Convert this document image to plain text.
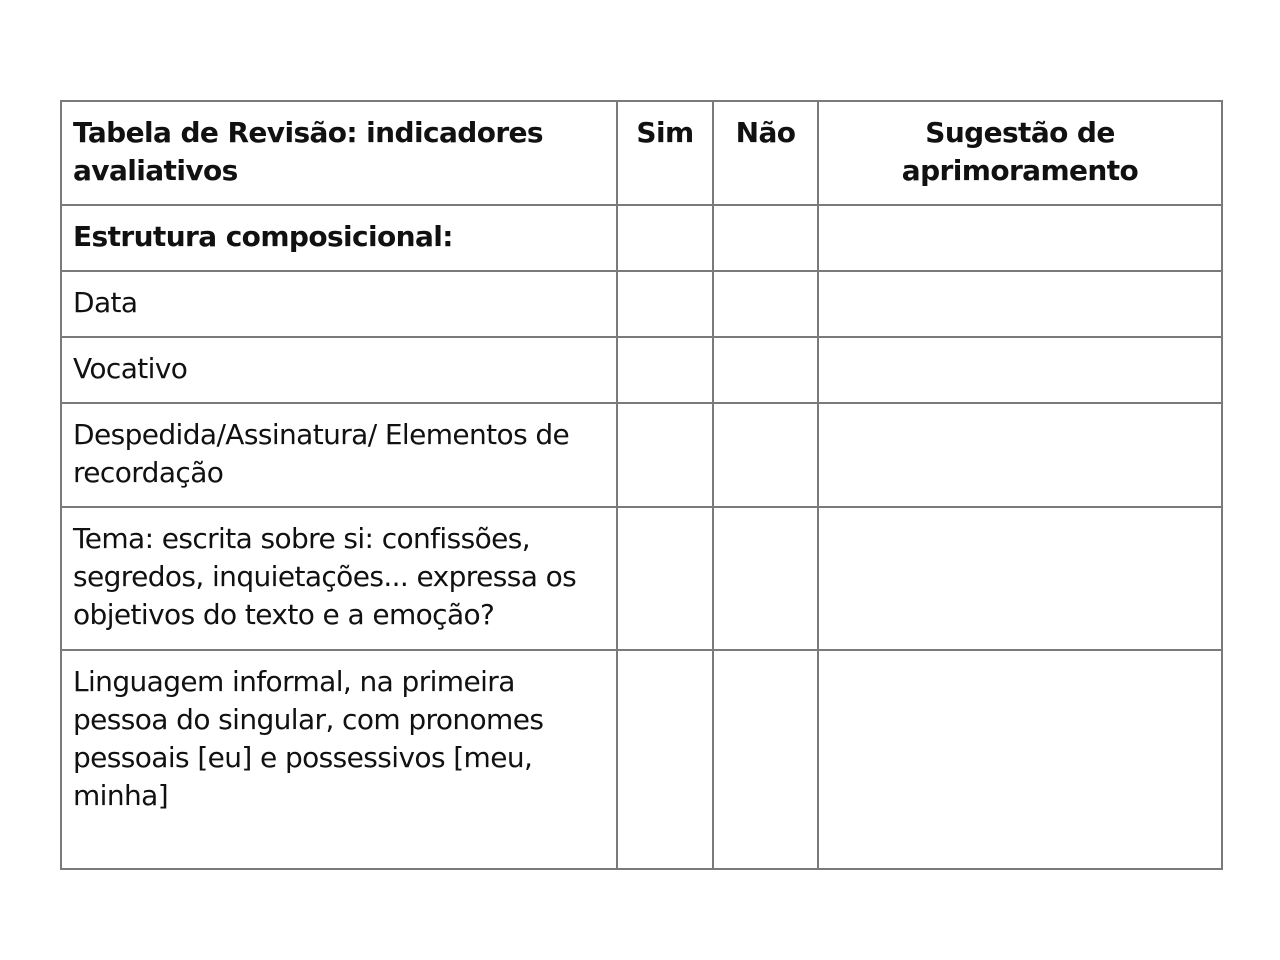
Tabela de Revisão: indicadores avaliativos	Sim	Não	Sugestão de aprimoramento
Estrutura composicional:			
Data			
Vocativo			
Despedida/Assinatura/ Elementos de recordação			
Tema: escrita sobre si: confissões, segredos, inquietações... expressa os objetivos do texto e a emoção?			
Linguagem informal, na primeira pessoa do singular, com pronomes pessoais [eu] e possessivos [meu, minha]			
